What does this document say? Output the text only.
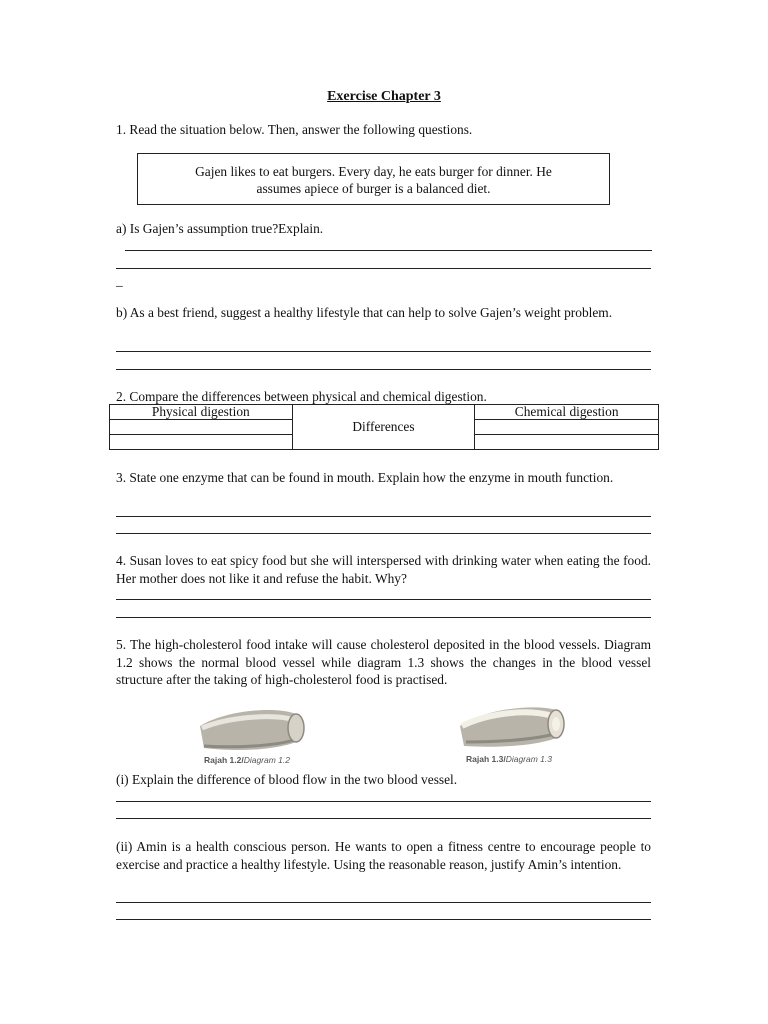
Exercise Chapter 3
1. Read the situation below. Then, answer the following questions.
Gajen likes to eat burgers. Every day, he eats burger for dinner. He
assumes apiece of burger is a balanced diet.
a) Is Gajen’s assumption true?Explain.
_
b) As a best friend, suggest a healthy lifestyle that can help to solve Gajen’s weight problem.
2. Compare the differences between physical and chemical digestion.
Physical digestion	Differences	Chemical digestion

3. State one enzyme that can be found in mouth. Explain how the enzyme in mouth function.
4. Susan loves to eat spicy food but she will interspersed with drinking water when eating the food. Her mother does not like it and refuse the habit. Why?
5. The high-cholesterol food intake will cause cholesterol deposited in the blood vessels. Diagram 1.2 shows the normal blood vessel while diagram 1.3 shows the changes in the blood vessel structure after the taking of high-cholesterol food is practised.
Rajah 1.2/Diagram 1.2	Rajah 1.3/Diagram 1.3
(i) Explain the difference of blood flow in the two blood vessel.
(ii) Amin is a health conscious person. He wants to open a fitness centre to encourage people to exercise and practice a healthy lifestyle. Using the reasonable reason, justify Amin’s intention.
